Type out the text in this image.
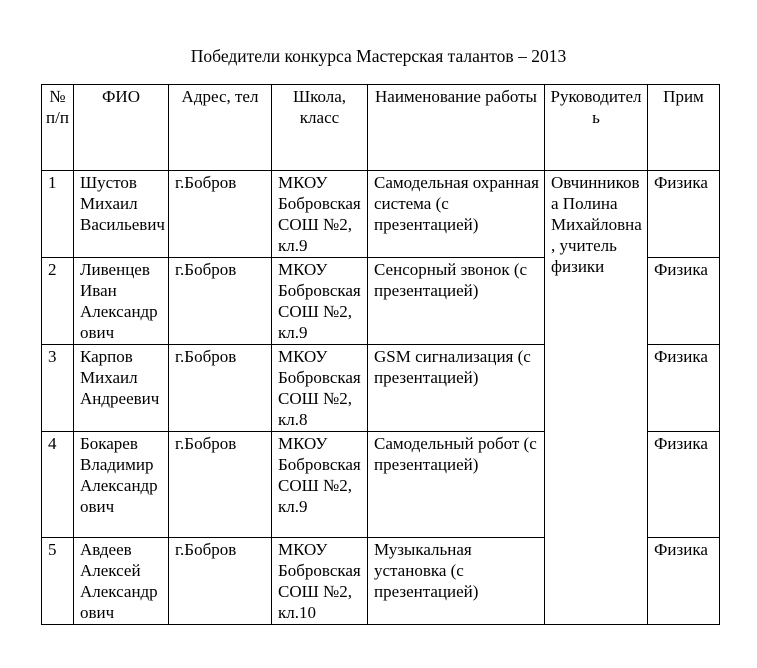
Победители конкурса Мастерская талантов – 2013
№ п/п	ФИО	Адрес, тел	Школа, класс	Наименование работы	Руководитель	Прим
1	Шустов Михаил Васильевич	г.Бобров	МКОУ Бобровская СОШ №2, кл.9	Самодельная охранная система (с презентацией)	Овчинникова Полина Михайловна, учитель физики	Физика
2	Ливенцев Иван Александрович	г.Бобров	МКОУ Бобровская СОШ №2, кл.9	Сенсорный звонок (с презентацией)		Физика
3	Карпов Михаил Андреевич	г.Бобров	МКОУ Бобровская СОШ №2, кл.8	GSM сигнализация (с презентацией)		Физика
4	Бокарев Владимир Александрович	г.Бобров	МКОУ Бобровская СОШ №2, кл.9	Самодельный робот (с презентацией)		Физика
5	Авдеев Алексей Александрович	г.Бобров	МКОУ Бобровская СОШ №2, кл.10	Музыкальная установка (с презентацией)		Физика
